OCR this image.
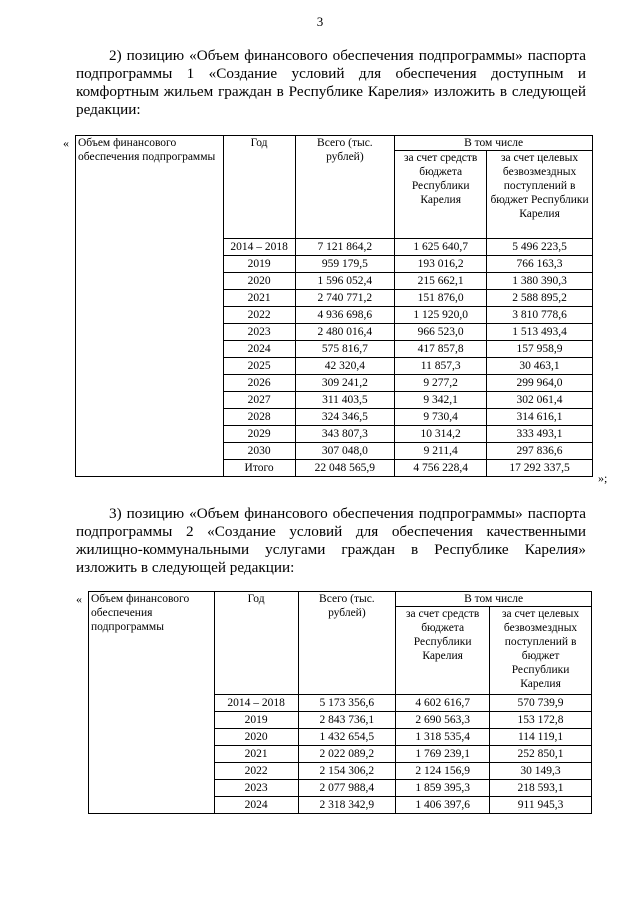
3
2) позицию «Объем финансового обеспечения подпрограммы» паспорта
подпрограммы 1 «Создание условий для обеспечения доступным и
комфортным жильем граждан в Республике Карелия» изложить в следующей
редакции:
«
»;
Объем финансового обеспечения подпрограммы	Год	Всего (тыс. рублей)	В том числе	
			за счет средств бюджета Республики Карелия	за счет целевых безвозмездных поступлений в бюджет Республики Карелия
	2014 – 2018	7 121 864,2	1 625 640,7	5 496 223,5
	2019	959 179,5	193 016,2	766 163,3
	2020	1 596 052,4	215 662,1	1 380 390,3
	2021	2 740 771,2	151 876,0	2 588 895,2
	2022	4 936 698,6	1 125 920,0	3 810 778,6
	2023	2 480 016,4	966 523,0	1 513 493,4
	2024	575 816,7	417 857,8	157 958,9
	2025	42 320,4	11 857,3	30 463,1
	2026	309 241,2	9 277,2	299 964,0
	2027	311 403,5	9 342,1	302 061,4
	2028	324 346,5	9 730,4	314 616,1
	2029	343 807,3	10 314,2	333 493,1
	2030	307 048,0	9 211,4	297 836,6
	Итого	22 048 565,9	4 756 228,4	17 292 337,5
3) позицию «Объем финансового обеспечения подпрограммы» паспорта
подпрограммы 2 «Создание условий для обеспечения качественными
жилищно-коммунальными услугами граждан в Республике Карелия»
изложить в следующей редакции:
« Объем финансового обеспечения подпрограммы	Год	Всего (тыс. рублей)	В том числе	
			за счет средств бюджета Республики Карелия	за счет целевых безвозмездных поступлений в бюджет Республики Карелия
	2014 – 2018	5 173 356,6	4 602 616,7	570 739,9
	2019	2 843 736,1	2 690 563,3	153 172,8
	2020	1 432 654,5	1 318 535,4	114 119,1
	2021	2 022 089,2	1 769 239,1	252 850,1
	2022	2 154 306,2	2 124 156,9	30 149,3
	2023	2 077 988,4	1 859 395,3	218 593,1
	2024	2 318 342,9	1 406 397,6	911 945,3
